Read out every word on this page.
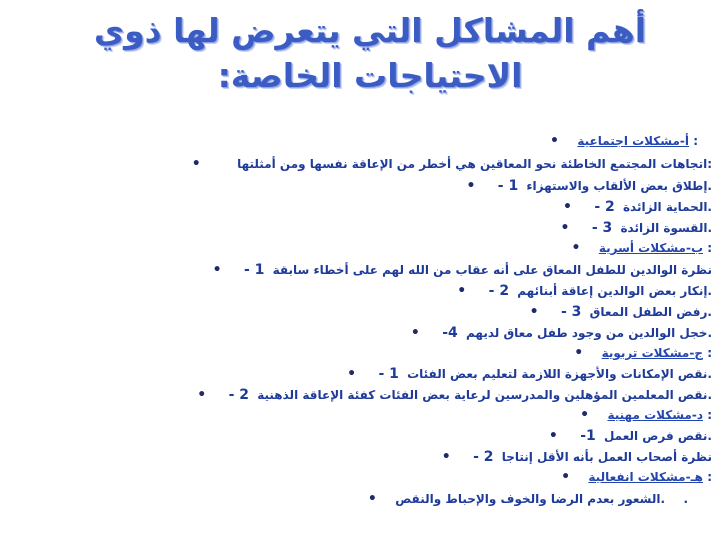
أهم المشاكل التي يتعرض لها ذوي
الاحتياجات الخاصة:
: أ-مشكلات اجتماعية  •
:اتجاهات المجتمع الخاطئة نحو المعاقين هي أخطر من الإعاقة نفسها ومن أمثلتها  •
.إطلاق بعض الألقاب والاستهزاء 1 -  •
.الحماية الزائدة 2 -  •
.القسوة الزائدة 3 -  •
: ب-مشكلات أسرية  •
نظرة الوالدين للطفل المعاق على أنه عقاب من الله لهم على أخطاء سابقة 1 -  •
.إنكار بعض الوالدين إعاقة أبنائهم 2 -  •
.رفض الطفل المعاق 3 -  •
.خجل الوالدين من وجود طفل معاق لديهم 4-  •
: ج-مشكلات تربوية  •
.نقص الإمكانات والأجهزة اللازمة لتعليم بعض الفئات 1 -  •
.نقص المعلمين المؤهلين والمدرسين لرعاية بعض الفئات كفئة الإعاقة الذهنية 2 -  •
: د-مشكلات مهنية  •
.نقص فرص العمل 1-  •
نظرة أصحاب العمل بأنه الأقل إنتاجا 2 -  •
: هـ-مشكلات انفعالية  •
.  .الشعور بعدم الرضا والخوف والإحباط والنقص  •
